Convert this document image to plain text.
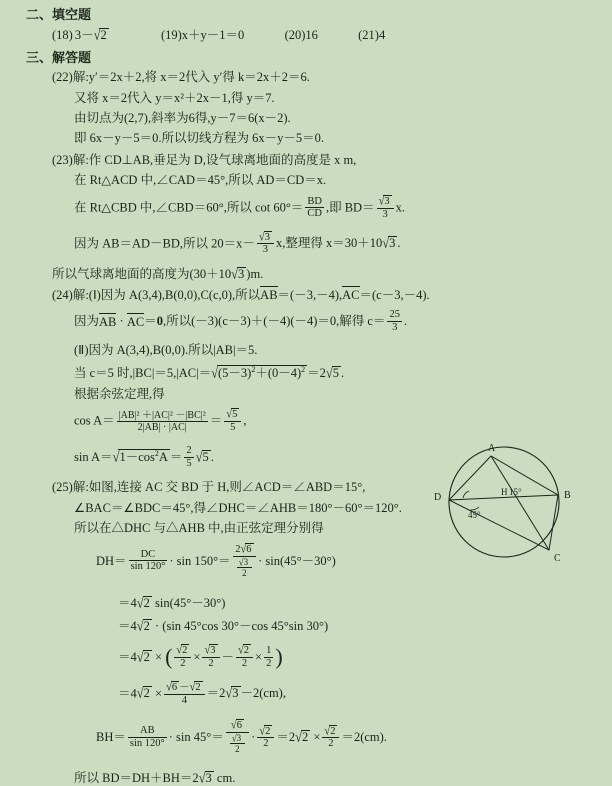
二、填空题
(18) 3－√2	(19)x＋y－1＝0	(20)16	(21)4
三、解答题
(22)解:y′＝2x＋2,将 x＝2代入 y′得 k＝2x＋2＝6.
又将 x＝2代入 y＝x²＋2x－1,得 y＝7.
由切点为(2,7),斜率为6得,y－7＝6(x－2).
即 6x－y－5＝0.所以切线方程为 6x－y－5＝0.
(23)解:作 CD⊥AB,垂足为 D,设气球离地面的高度是 x m,
在 Rt△ACD 中,∠CAD＝45°,所以 AD＝CD＝x.
在 Rt△CBD 中,∠CBD＝60°,所以 $\cot 60^\circ= \frac{BD}{CD}$ ,即 $BD= \frac{√3}{3} x$.
因为 AB＝AD－BD,所以 $20=x- \frac{√3}{3} x$,整理得 x＝30＋10√3 .
所以气球离地面的高度为(30＋10√3 )m.
(24)解:(Ⅰ)因为 A(3,4),B(0,0),C(c,0),所以AB
＝(－3,－4),AC
＝(c－3,－4).
因为AB
· AC
＝0,所以(－3)(c－3)＋(－4)(－4)＝0,解得 $c= \frac{25}{3}$ .
(Ⅱ)因为 A(3,4),B(0,0).所以|AB|＝5.
当 c＝5 时$,|BC|=5,|AC|=√(5-3)^2+(0-4)^2 =2√5$ .
根据余弦定理,得
$\cos A= \frac{\text{|AB|² ＋|AC|² －|BC|²}}{2|AB| \cdot |AC|} = \frac{√5}{5}$ ,
$\sin A=√1-\cos^2A = \frac{2}{5} √5$ .
(25)解:如图,连接 AC 交 BD 于 H,则∠ACD＝∠ABD＝15°,
∠BAC＝∠BDC＝45°,得∠DHC＝∠AHB＝180°－60°＝120°.
所以在△DHC 与△AHB 中,由正弦定理分别得
$DH= \frac{DC}{\sin 120^\circ} \cdot \sin 150^\circ= \frac{2√6}{\frac{√3}{2}} \cdot \sin(45^\circ-30^\circ)$
＝4√2 sin(45°－30°)
＝4√2 · (sin 45°cos 30°－cos 45°sin 30°)
＝4√2 × ( $\frac{√2}{2} \times \frac{√3}{2} - \frac{√2}{2} \times \frac{1}{2}$ )
$=4√2 \times \frac{√6 -√2}{4} =2√3 -2(cm)$,
$BH= \frac{AB}{\sin 120^\circ} \cdot \sin 45^\circ= \frac{√6}{\frac{√3}{2}} \cdot \frac{√2}{2} =2√2 \times \frac{√2}{2} =2(cm)$.
所以 BD＝DH＋BH＝2√3 cm.
A
B
C
D	H 15°
45°
